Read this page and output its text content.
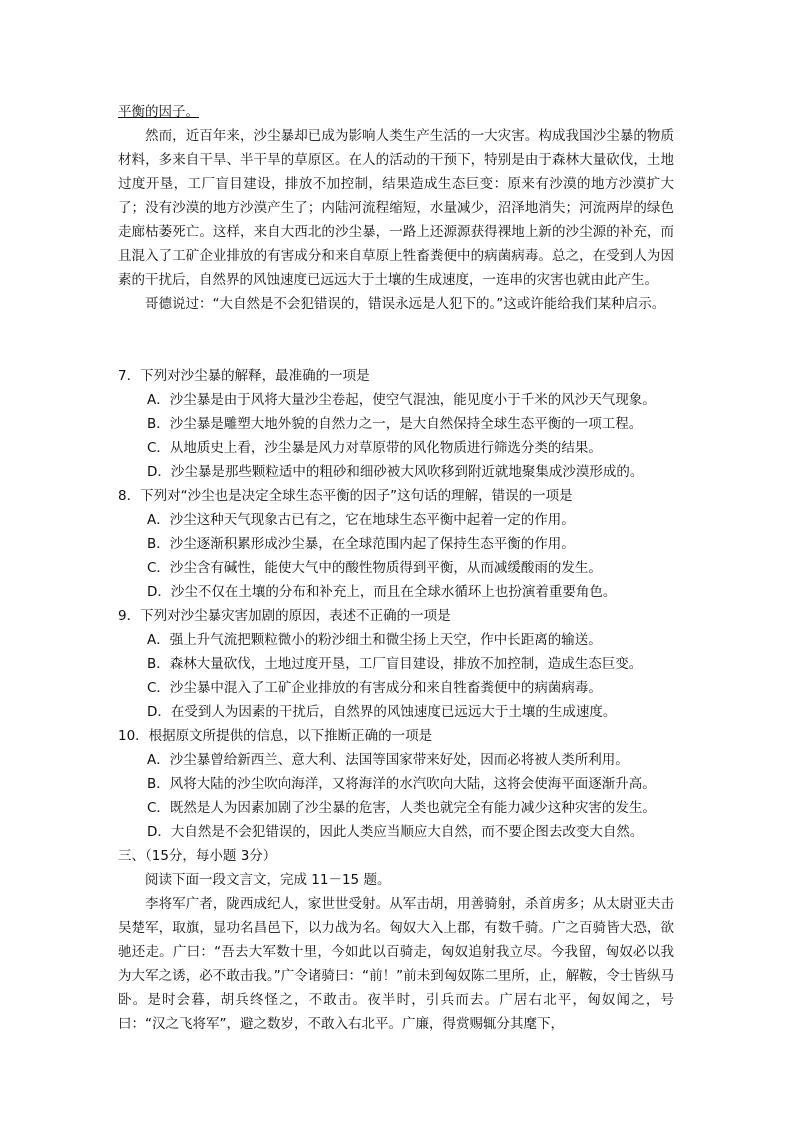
平衡的因子。

然而，近百年来，沙尘暴却已成为影响人类生产生活的一大灾害。构成我国沙尘暴的物质材料，多来自干旱、半干旱的草原区。在人的活动的干预下，特别是由于森林大量砍伐，土地过度开垦，工厂盲目建设，排放不加控制，结果造成生态巨变：原来有沙漠的地方沙漠扩大了；没有沙漠的地方沙漠产生了；内陆河流程缩短，水量减少，沼泽地消失；河流两岸的绿色走廊枯萎死亡。这样，来自大西北的沙尘暴，一路上还源源获得裸地上新的沙尘源的补充，而且混入了工矿企业排放的有害成分和来自草原上牲畜粪便中的病菌病毒。总之，在受到人为因素的干扰后，自然界的风蚀速度已远远大于土壤的生成速度，一连串的灾害也就由此产生。

哥德说过：“大自然是不会犯错误的，错误永远是人犯下的。”这或许能给我们某种启示。

7．下列对沙尘暴的解释，最准确的一项是

A．沙尘暴是由于风将大量沙尘卷起，使空气混浊，能见度小于千米的风沙天气现象。

B．沙尘暴是雕塑大地外貌的自然力之一，是大自然保持全球生态平衡的一项工程。

C．从地质史上看，沙尘暴是风力对草原带的风化物质进行筛选分类的结果。

D．沙尘暴是那些颗粒适中的粗砂和细砂被大风吹移到附近就地聚集成沙漠形成的。

8．下列对“沙尘也是决定全球生态平衡的因子”这句话的理解，错误的一项是

A．沙尘这种天气现象古已有之，它在地球生态平衡中起着一定的作用。

B．沙尘逐渐积累形成沙尘暴，在全球范围内起了保持生态平衡的作用。

C．沙尘含有碱性，能使大气中的酸性物质得到平衡，从而减缓酸雨的发生。

D．沙尘不仅在土壤的分布和补充上，而且在全球水循环上也扮演着重要角色。

9．下列对沙尘暴灾害加剧的原因，表述不正确的一项是

A．强上升气流把颗粒微小的粉沙细土和微尘扬上天空，作中长距离的输送。

B．森林大量砍伐，土地过度开垦，工厂盲目建设，排放不加控制，造成生态巨变。

C．沙尘暴中混入了工矿企业排放的有害成分和来自牲畜粪便中的病菌病毒。

D．在受到人为因素的干扰后，自然界的风蚀速度已远远大于土壤的生成速度。

10．根据原文所提供的信息，以下推断正确的一项是

A．沙尘暴曾给新西兰、意大利、法国等国家带来好处，因而必将被人类所利用。

B．风将大陆的沙尘吹向海洋，又将海洋的水汽吹向大陆，这将会使海平面逐渐升高。

C．既然是人为因素加剧了沙尘暴的危害，人类也就完全有能力减少这种灾害的发生。

D．大自然是不会犯错误的，因此人类应当顺应大自然，而不要企图去改变大自然。

三、（15分，每小题 3分）

阅读下面一段文言文，完成 11－15 题。

李将军广者，陇西成纪人，家世世受射。从军击胡，用善骑射，杀首虏多；从太尉亚夫击吴楚军，取旗，显功名昌邑下，以力战为名。匈奴大入上郡，有数千骑。广之百骑皆大恐，欲驰还走。广曰：“吾去大军数十里，今如此以百骑走，匈奴追射我立尽。今我留，匈奴必以我为大军之诱，必不敢击我。”广令诸骑曰：“前！”前未到匈奴陈二里所，止，解鞍，令士皆纵马卧。是时会暮，胡兵终怪之，不敢击。夜半时，引兵而去。广居右北平，匈奴闻之，号曰：“汉之飞将军”，避之数岁，不敢入右北平。广廉，得赏赐辄分其麾下，
